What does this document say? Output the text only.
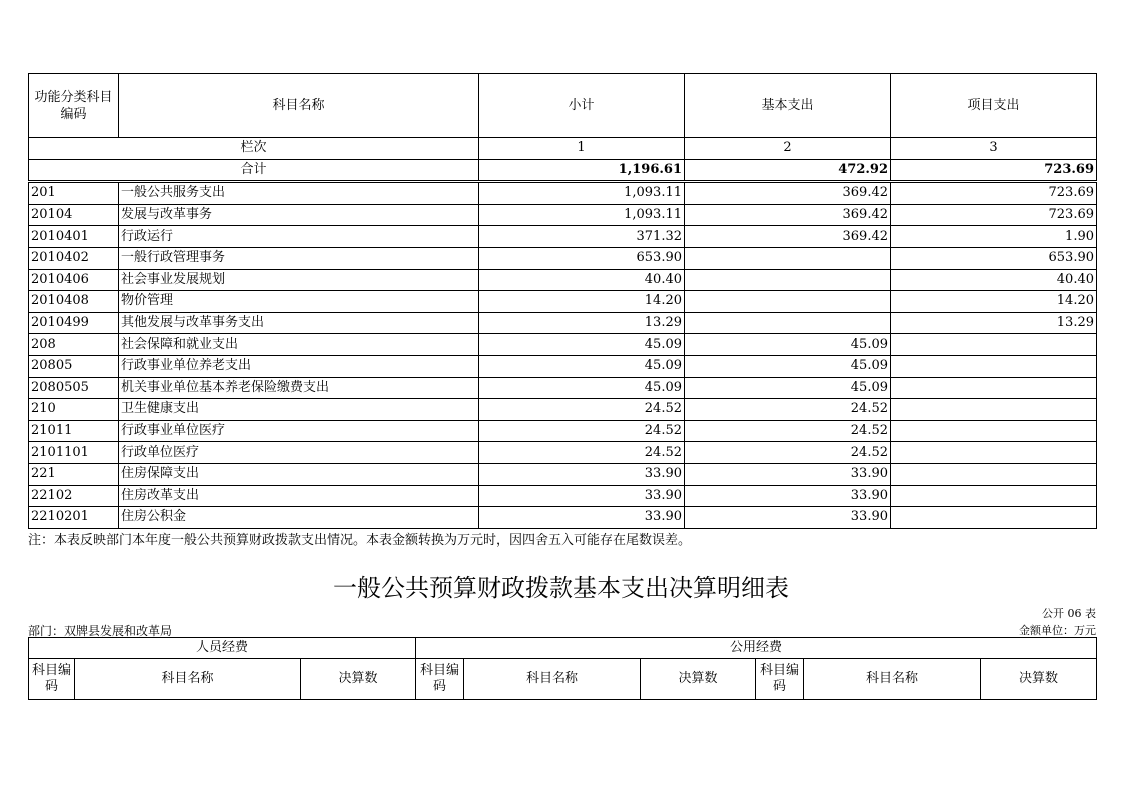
功能分类科目编码	科目名称	小计	基本支出	项目支出
栏次		1	2	3
合计		1,196.61	472.92	723.69
201	一般公共服务支出	1,093.11	369.42	723.69
20104	发展与改革事务	1,093.11	369.42	723.69
2010401	行政运行	371.32	369.42	1.90
2010402	一般行政管理事务	653.90		653.90
2010406	社会事业发展规划	40.40		40.40
2010408	物价管理	14.20		14.20
2010499	其他发展与改革事务支出	13.29		13.29
208	社会保障和就业支出	45.09	45.09	
20805	行政事业单位养老支出	45.09	45.09	
2080505	机关事业单位基本养老保险缴费支出	45.09	45.09	
210	卫生健康支出	24.52	24.52	
21011	行政事业单位医疗	24.52	24.52	
2101101	行政单位医疗	24.52	24.52	
221	住房保障支出	33.90	33.90	
22102	住房改革支出	33.90	33.90	
2210201	住房公积金	33.90	33.90	
注：本表反映部门本年度一般公共预算财政拨款支出情况。本表金额转换为万元时，因四舍五入可能存在尾数误差。
一般公共预算财政拨款基本支出决算明细表
公开 06 表
部门：双牌县发展和改革局	金额单位：万元
人员经费			公用经费					
科目编码	科目名称	决算数	科目编码	科目名称	决算数	科目编码	科目名称	决算数
